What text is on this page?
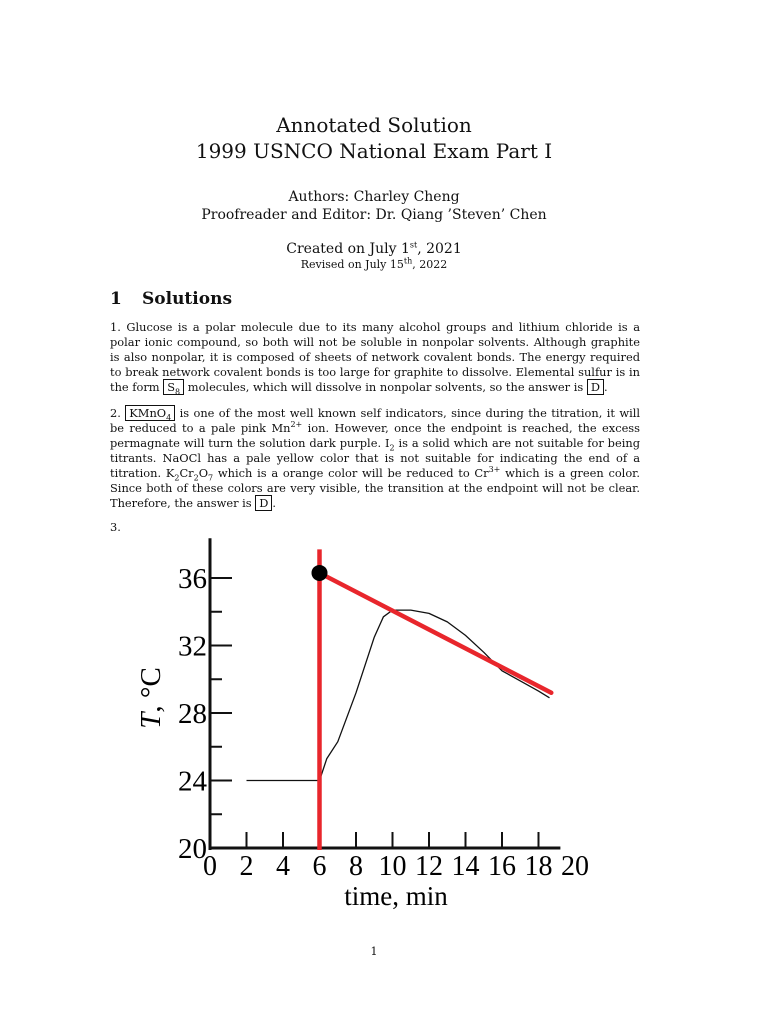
Annotated Solution
1999 USNCO National Exam Part I
Authors: Charley Cheng
Proofreader and Editor: Dr. Qiang ’Steven’ Chen
Created on July 1st, 2021
Revised on July 15th, 2022
1 Solutions
1. Glucose is a polar molecule due to its many alcohol groups and lithium chloride is a polar ionic compound, so both will not be soluble in nonpolar solvents. Although graphite is also nonpolar, it is composed of sheets of network covalent bonds. The energy required to break network covalent bonds is too large for graphite to dissolve. Elemental sulfur is in the form $S_8$ molecules, which will dissolve in nonpolar solvents, so the answer is D .
2. KMnO$_4$ is one of the most well known self indicators, since during the titration, it will be reduced to a pale pink $Mn^{2+}$ ion. However, once the endpoint is reached, the excess permagnate will turn the solution dark purple. $I_2$ is a solid which are not suitable for being titrants. NaOCl has a pale yellow color that is not suitable for indicating the end of a titration. $K_2Cr_2O_7$ which is a orange color will be reduced to $Cr^{3+}$ which is a green color. Since both of these colors are very visible, the transition at the endpoint will not be clear. Therefore, the answer is D .
3.
20
24
28
32
36
0 2 4 6 8 10 12 14 16 18 20
time, min
T, °C
1
